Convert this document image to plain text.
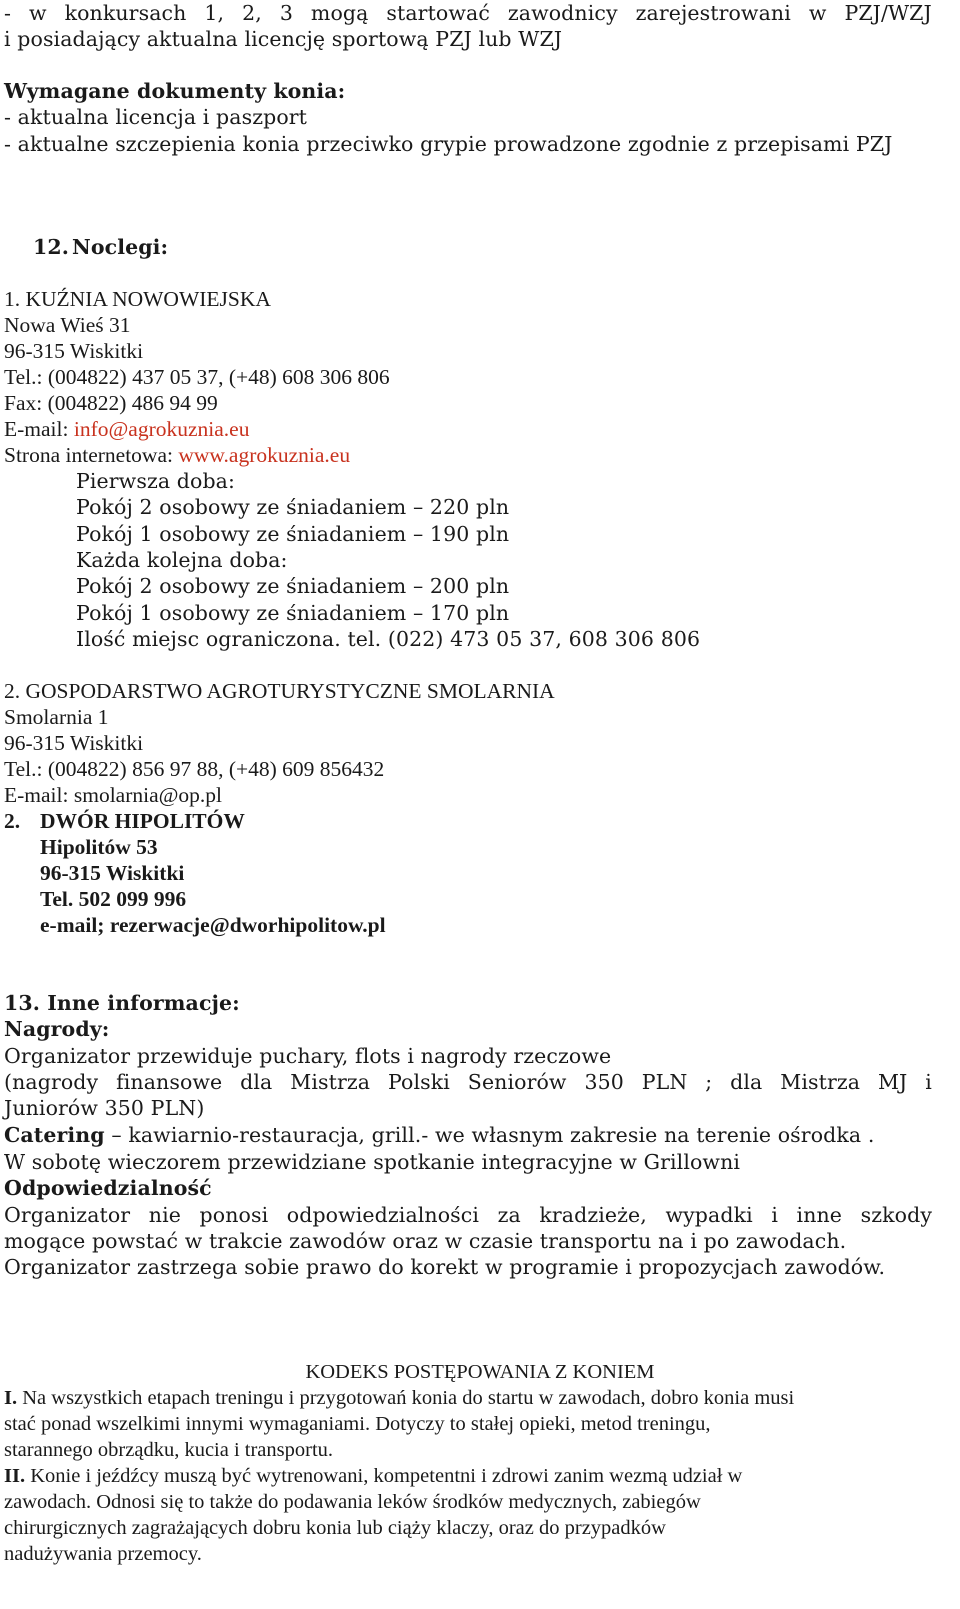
- w konkursach 1, 2, 3 mogą startować zawodnicy zarejestrowani w PZJ/WZJ
i posiadający aktualna licencję sportową PZJ lub WZJ
Wymagane dokumenty konia:
- aktualna licencja i paszport
- aktualne szczepienia konia przeciwko grypie prowadzone zgodnie z przepisami PZJ
12. Noclegi:
1. KUŹNIA NOWOWIEJSKA
Nowa Wieś 31
96-315 Wiskitki
Tel.: (004822) 437 05 37, (+48) 608 306 806
Fax: (004822) 486 94 99
E-mail: info@agrokuznia.eu
Strona internetowa: www.agrokuznia.eu
Pierwsza doba:
Pokój 2 osobowy ze śniadaniem – 220 pln
Pokój 1 osobowy ze śniadaniem – 190 pln
Każda kolejna doba:
Pokój 2 osobowy ze śniadaniem – 200 pln
Pokój 1 osobowy ze śniadaniem – 170 pln
Ilość miejsc ograniczona. tel. (022) 473 05 37, 608 306 806
2. GOSPODARSTWO AGROTURYSTYCZNE SMOLARNIA
Smolarnia 1
96-315 Wiskitki
Tel.: (004822) 856 97 88, (+48) 609 856432
E-mail: smolarnia@op.pl
2. DWÓR HIPOLITÓW
Hipolitów 53
96-315 Wiskitki
Tel. 502 099 996
e-mail; rezerwacje@dworhipolitow.pl
13. Inne informacje:
Nagrody:
Organizator przewiduje puchary, flots i nagrody rzeczowe
(nagrody finansowe dla Mistrza Polski Seniorów 350 PLN ; dla Mistrza MJ i
Juniorów 350 PLN)
Catering – kawiarnio-restauracja, grill.- we własnym zakresie na terenie ośrodka .
W sobotę wieczorem przewidziane spotkanie integracyjne w Grillowni
Odpowiedzialność
Organizator nie ponosi odpowiedzialności za kradzieże, wypadki i inne szkody
mogące powstać w trakcie zawodów oraz w czasie transportu na i po zawodach.
Organizator zastrzega sobie prawo do korekt w programie i propozycjach zawodów.
KODEKS POSTĘPOWANIA Z KONIEM
I. Na wszystkich etapach treningu i przygotowań konia do startu w zawodach, dobro konia musi
stać ponad wszelkimi innymi wymaganiami. Dotyczy to stałej opieki, metod treningu,
starannego obrządku, kucia i transportu.
II. Konie i jeźdźcy muszą być wytrenowani, kompetentni i zdrowi zanim wezmą udział w
zawodach. Odnosi się to także do podawania leków środków medycznych, zabiegów
chirurgicznych zagrażających dobru konia lub ciąży klaczy, oraz do przypadków
nadużywania przemocy.
